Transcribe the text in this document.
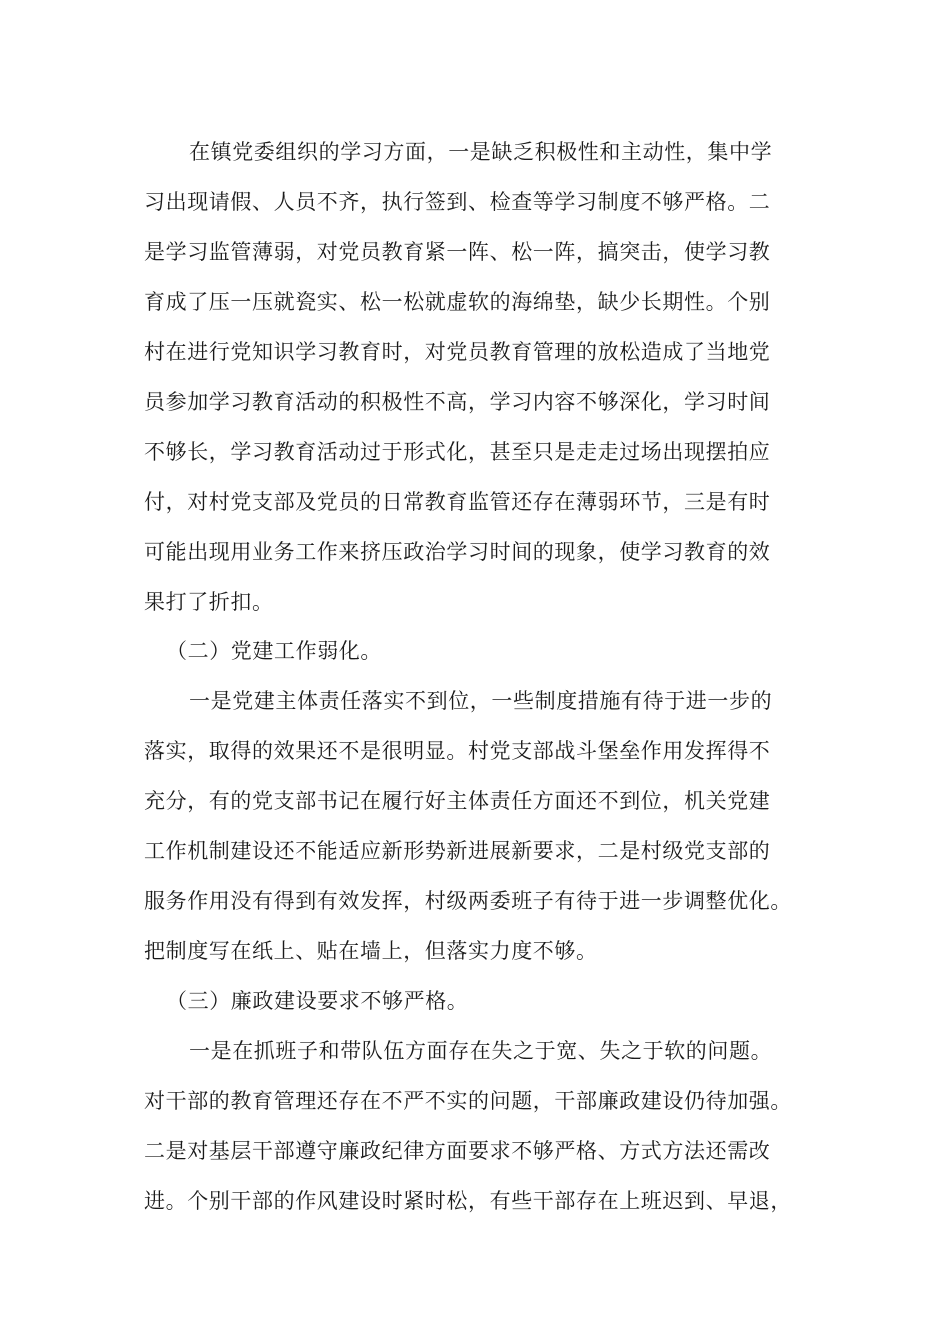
在镇党委组织的学习方面，一是缺乏积极性和主动性，集中学

习出现请假、人员不齐，执行签到、检查等学习制度不够严格。二

是学习监管薄弱，对党员教育紧一阵、松一阵，搞突击，使学习教

育成了压一压就瓷实、松一松就虚软的海绵垫，缺少长期性。个别

村在进行党知识学习教育时，对党员教育管理的放松造成了当地党

员参加学习教育活动的积极性不高，学习内容不够深化，学习时间

不够长，学习教育活动过于形式化，甚至只是走走过场出现摆拍应

付，对村党支部及党员的日常教育监管还存在薄弱环节，三是有时

可能出现用业务工作来挤压政治学习时间的现象，使学习教育的效

果打了折扣。

（二）党建工作弱化。

一是党建主体责任落实不到位，一些制度措施有待于进一步的

落实，取得的效果还不是很明显。村党支部战斗堡垒作用发挥得不

充分，有的党支部书记在履行好主体责任方面还不到位，机关党建

工作机制建设还不能适应新形势新进展新要求，二是村级党支部的

服务作用没有得到有效发挥，村级两委班子有待于进一步调整优化。

把制度写在纸上、贴在墙上，但落实力度不够。

（三）廉政建设要求不够严格。

一是在抓班子和带队伍方面存在失之于宽、失之于软的问题。

对干部的教育管理还存在不严不实的问题，干部廉政建设仍待加强。

二是对基层干部遵守廉政纪律方面要求不够严格、方式方法还需改

进。个别干部的作风建设时紧时松，有些干部存在上班迟到、早退，
